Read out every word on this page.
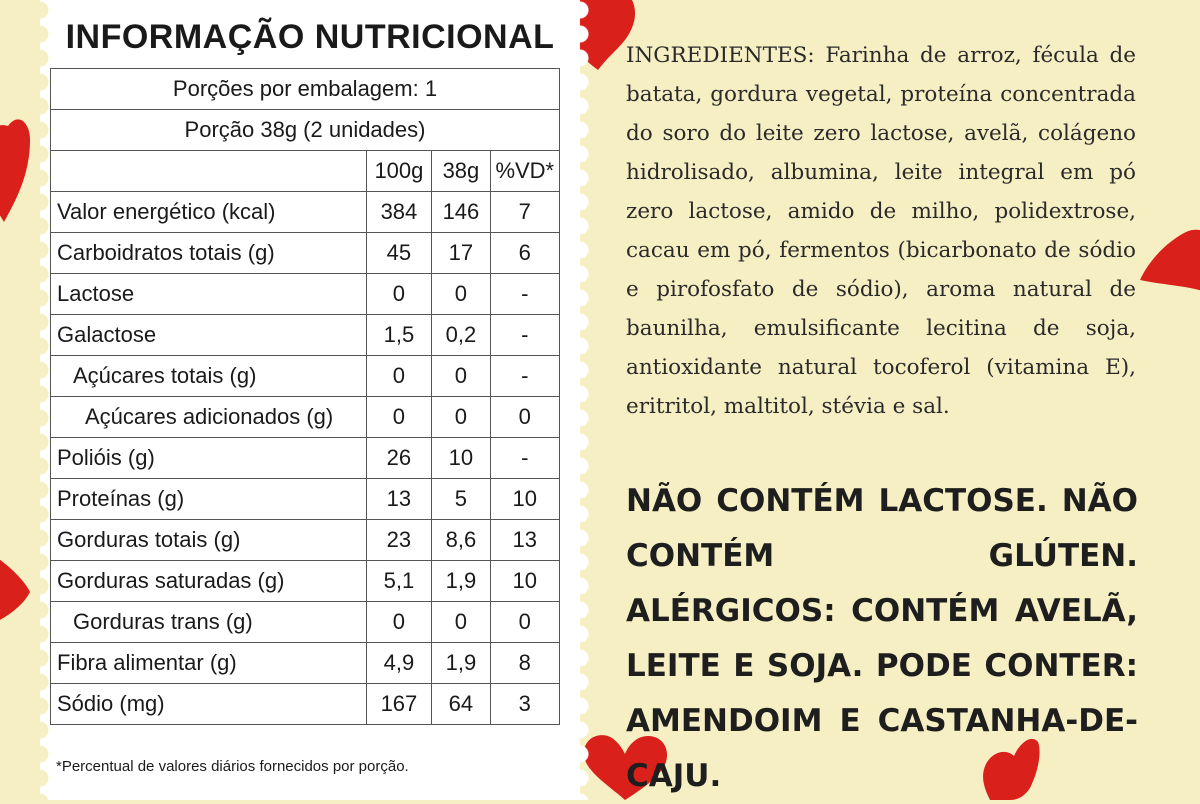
INFORMAÇÃO NUTRICIONAL
Porções por embalagem: 1			
Porção 38g (2 unidades)			
	100g	38g	%VD*
Valor energético (kcal)	384	146	7
Carboidratos totais (g)	45	17	6
Lactose	0	0	-
Galactose	1,5	0,2	-
Açúcares totais (g)	0	0	-
Açúcares adicionados (g)	0	0	0
Polióis (g)	26	10	-
Proteínas (g)	13	5	10
Gorduras totais (g)	23	8,6	13
Gorduras saturadas (g)	5,1	1,9	10
Gorduras trans (g)	0	0	0
Fibra alimentar (g)	4,9	1,9	8
Sódio (mg)	167	64	3
*Percentual de valores diários fornecidos por porção.
INGREDIENTES: Farinha de arroz, fécula de batata, gordura vegetal, proteína concentrada do soro do leite zero lactose, avelã, colágeno hidrolisado, albumina, leite integral em pó zero lactose, amido de milho, polidextrose, cacau em pó, fermentos (bicarbonato de sódio e pirofosfato de sódio), aroma natural de baunilha, emulsificante lecitina de soja, antioxidante natural tocoferol (vitamina E), eritritol, maltitol, stévia e sal.
NÃO CONTÉM LACTOSE. NÃO CONTÉM GLÚTEN. ALÉRGICOS: CONTÉM AVELÃ, LEITE E SOJA. PODE CONTER: AMENDOIM E CASTANHA-DE-CAJU.
